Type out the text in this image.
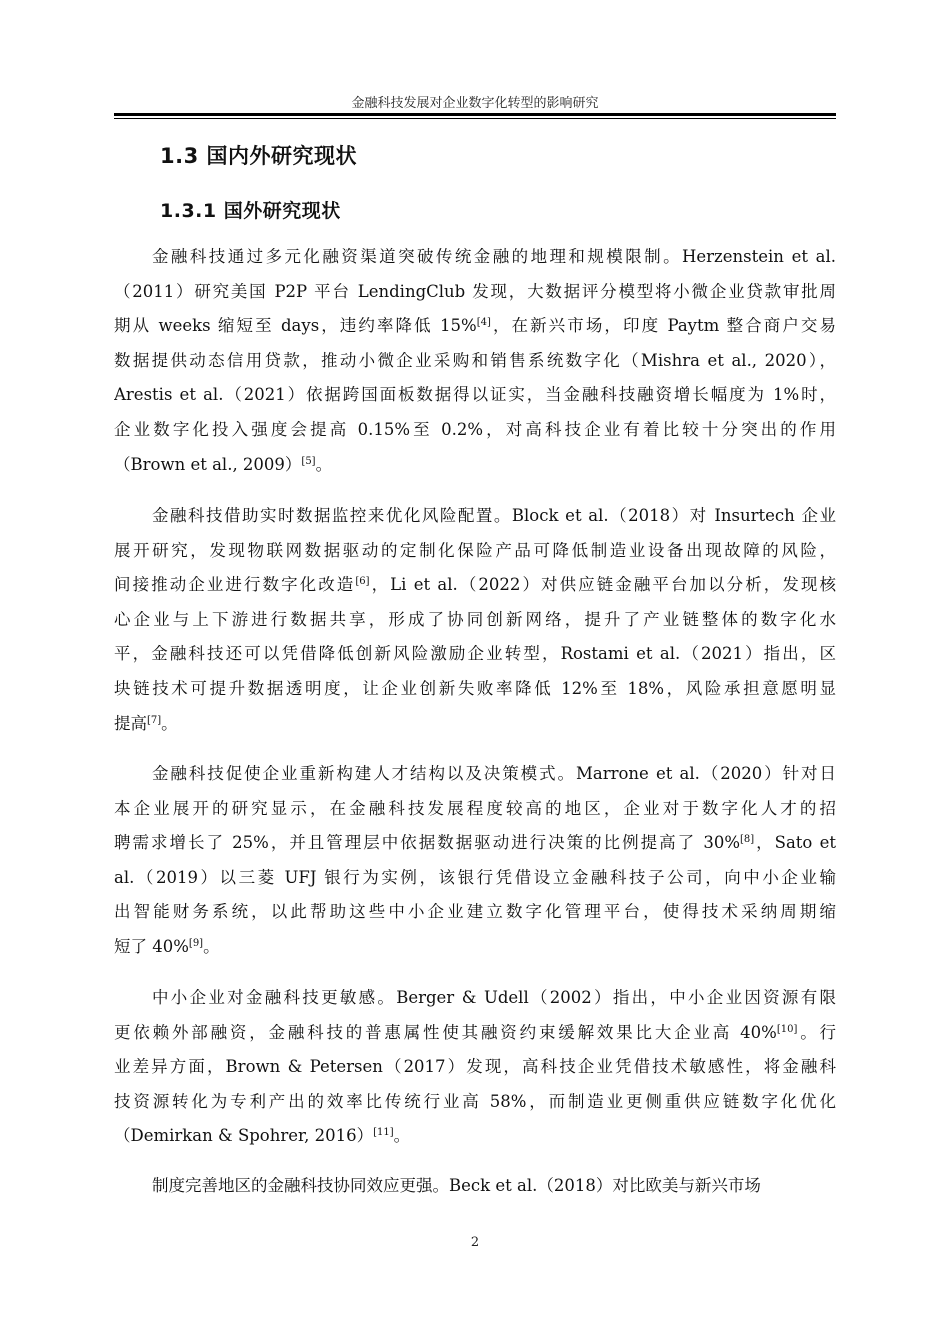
金融科技发展对企业数字化转型的影响研究
1.3 国内外研究现状
1.3.1 国外研究现状
金融科技通过多元化融资渠道突破传统金融的地理和规模限制。Herzenstein et al.
（2011）研究美国 P2P 平台 LendingClub 发现，大数据评分模型将小微企业贷款审批周
期从 weeks 缩短至 days，违约率降低 15%[4]，在新兴市场，印度 Paytm 整合商户交易
数据提供动态信用贷款，推动小微企业采购和销售系统数字化（Mishra et al., 2020），
Arestis et al.（2021）依据跨国面板数据得以证实，当金融科技融资增长幅度为 1%时，
企业数字化投入强度会提高 0.15%至 0.2%，对高科技企业有着比较十分突出的作用
（Brown et al., 2009）[5]。
金融科技借助实时数据监控来优化风险配置。Block et al.（2018）对 Insurtech 企业
展开研究，发现物联网数据驱动的定制化保险产品可降低制造业设备出现故障的风险，
间接推动企业进行数字化改造[6]，Li et al.（2022）对供应链金融平台加以分析，发现核
心企业与上下游进行数据共享，形成了协同创新网络，提升了产业链整体的数字化水
平，金融科技还可以凭借降低创新风险激励企业转型，Rostami et al.（2021）指出，区
块链技术可提升数据透明度，让企业创新失败率降低 12%至 18%，风险承担意愿明显
提高[7]。
金融科技促使企业重新构建人才结构以及决策模式。Marrone et al.（2020）针对日
本企业展开的研究显示，在金融科技发展程度较高的地区，企业对于数字化人才的招
聘需求增长了 25%，并且管理层中依据数据驱动进行决策的比例提高了 30%[8]，Sato et
al.（2019）以三菱 UFJ 银行为实例，该银行凭借设立金融科技子公司，向中小企业输
出智能财务系统，以此帮助这些中小企业建立数字化管理平台，使得技术采纳周期缩
短了 40%[9]。
中小企业对金融科技更敏感。Berger & Udell（2002）指出，中小企业因资源有限
更依赖外部融资，金融科技的普惠属性使其融资约束缓解效果比大企业高 40%[10]。行
业差异方面，Brown & Petersen（2017）发现，高科技企业凭借技术敏感性，将金融科
技资源转化为专利产出的效率比传统行业高 58%，而制造业更侧重供应链数字化优化
（Demirkan & Spohrer, 2016）[11]。
制度完善地区的金融科技协同效应更强。Beck et al.（2018）对比欧美与新兴市场
2
